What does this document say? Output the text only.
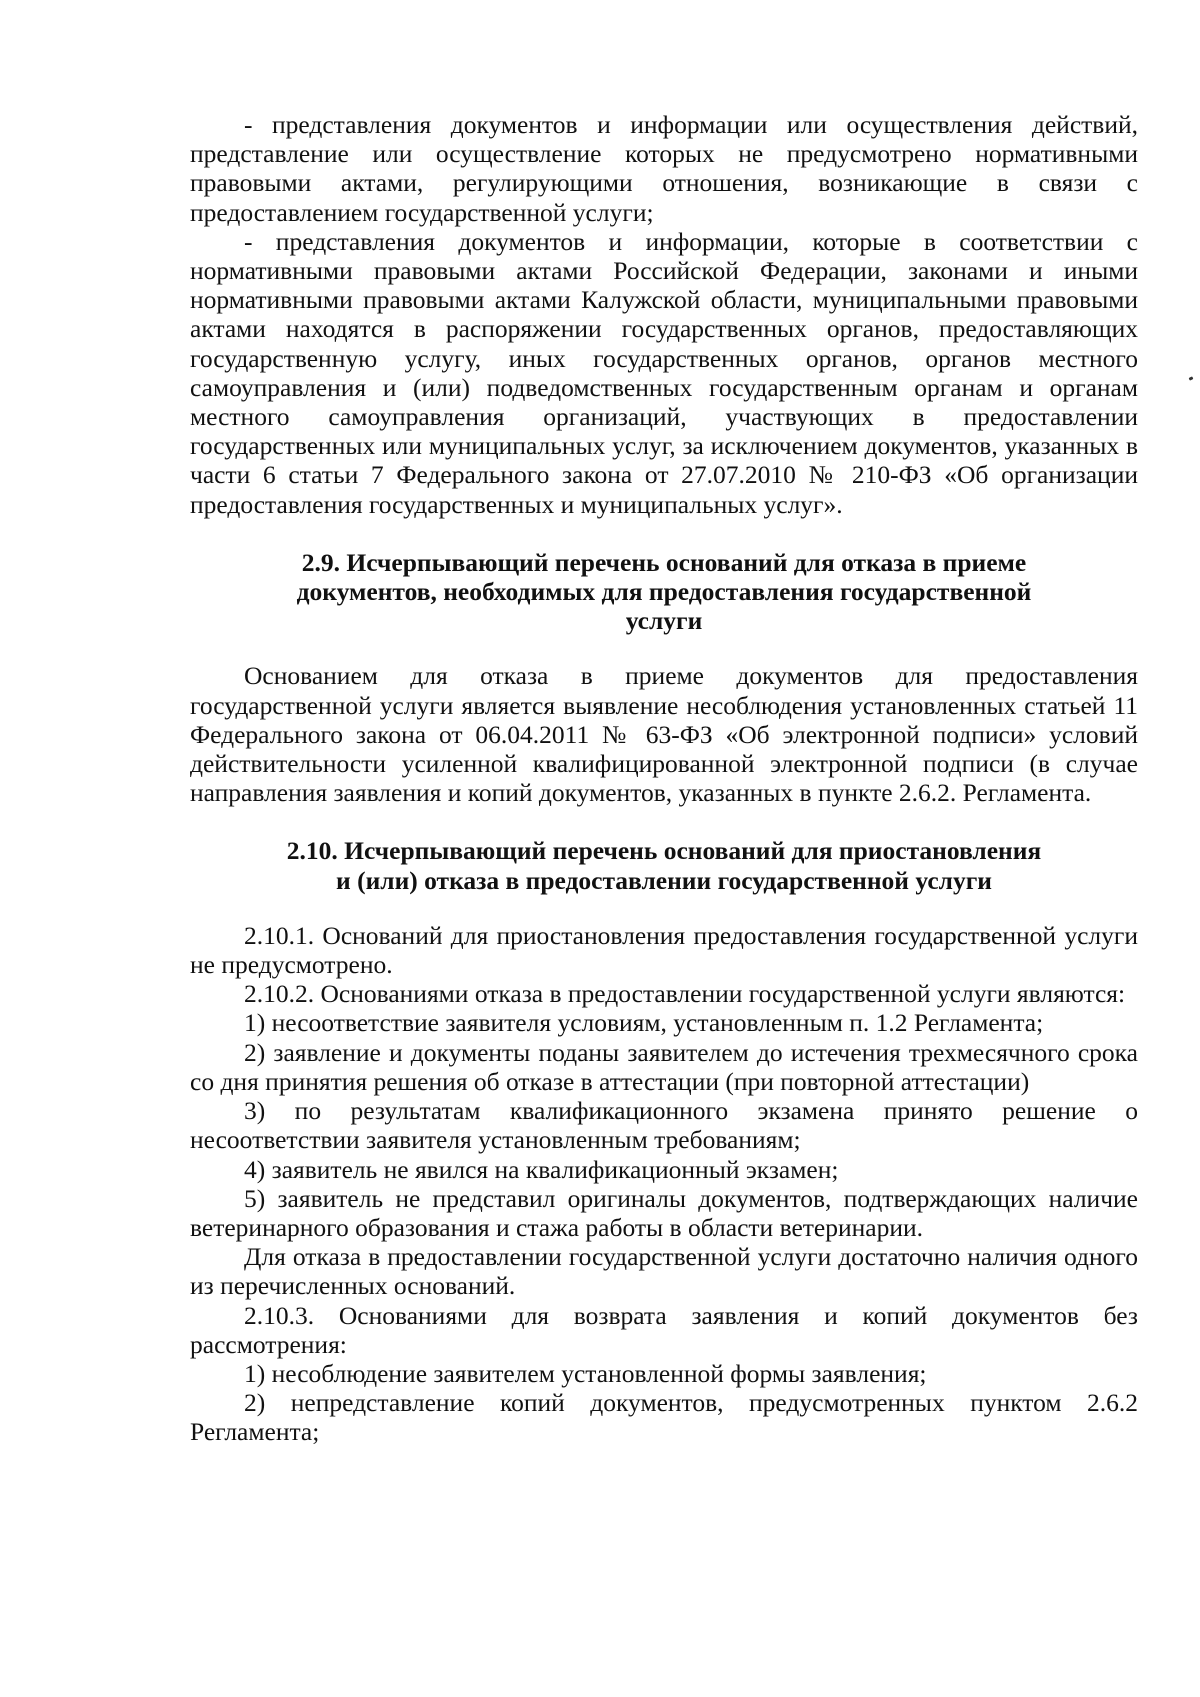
- представления документов и информации или осуществления действий, представление или осуществление которых не предусмотрено нормативными правовыми актами, регулирующими отношения, возникающие в связи с предоставлением государственной услуги;

- представления документов и информации, которые в соответствии с нормативными правовыми актами Российской Федерации, законами и иными нормативными правовыми актами Калужской области, муниципальными правовыми актами находятся в распоряжении государственных органов, предоставляющих государственную услугу, иных государственных органов, органов местного самоуправления и (или) подведомственных государственным органам и органам местного самоуправления организаций, участвующих в предоставлении государственных или муниципальных услуг, за исключением документов, указанных в части 6 статьи 7 Федерального закона от 27.07.2010 № 210-ФЗ «Об организации предоставления государственных и муниципальных услуг».

2.9. Исчерпывающий перечень оснований для отказа в приеме

документов, необходимых для предоставления государственной

услуги

Основанием для отказа в приеме документов для предоставления государственной услуги является выявление несоблюдения установленных статьей 11 Федерального закона от 06.04.2011 № 63-ФЗ «Об электронной подписи» условий действительности усиленной квалифицированной электронной подписи (в случае направления заявления и копий документов, указанных в пункте 2.6.2. Регламента.

2.10. Исчерпывающий перечень оснований для приостановления

и (или) отказа в предоставлении государственной услуги

2.10.1. Оснований для приостановления предоставления государственной услуги не предусмотрено.

2.10.2. Основаниями отказа в предоставлении государственной услуги являются:

1) несоответствие заявителя условиям, установленным п. 1.2 Регламента;

2) заявление и документы поданы заявителем до истечения трехмесячного срока со дня принятия решения об отказе в аттестации (при повторной аттестации)

3) по результатам квалификационного экзамена принято решение о несоответствии заявителя установленным требованиям;

4) заявитель не явился на квалификационный экзамен;

5) заявитель не представил оригиналы документов, подтверждающих наличие ветеринарного образования и стажа работы в области ветеринарии.

Для отказа в предоставлении государственной услуги достаточно наличия одного из перечисленных оснований.

2.10.3. Основаниями для возврата заявления и копий документов без рассмотрения:

1) несоблюдение заявителем установленной формы заявления;

2) непредставление копий документов, предусмотренных пунктом 2.6.2 Регламента;
